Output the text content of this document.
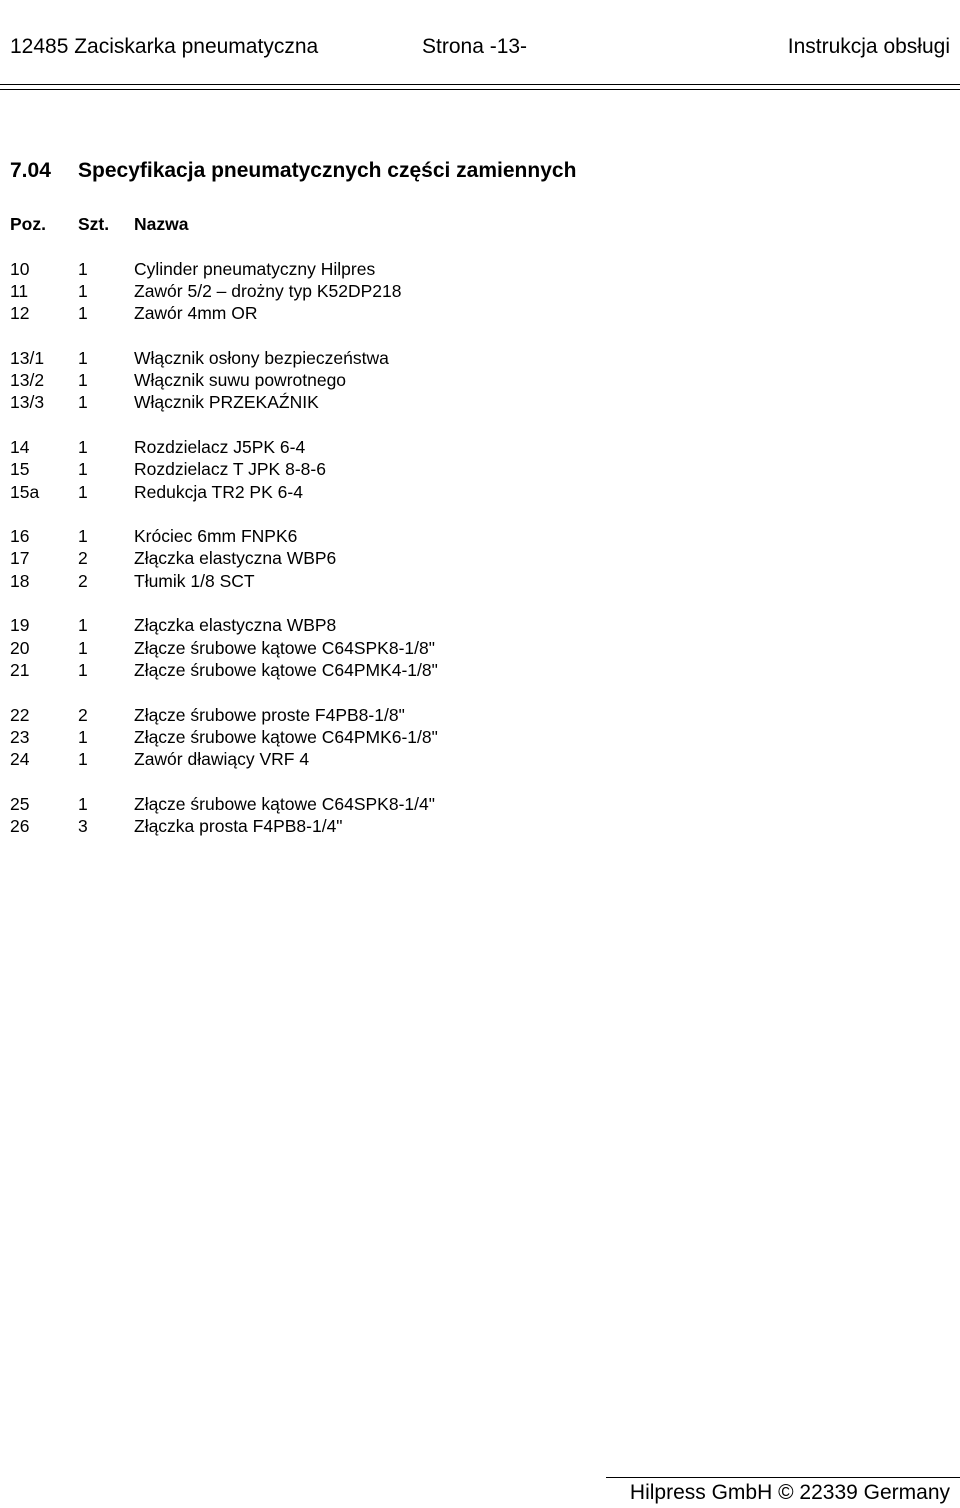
12485 Zaciskarka pneumatyczna	Strona -13-	Instrukcja obsługi
7.04 Specyfikacja pneumatycznych części zamiennych
Poz.	Szt.	Nazwa
10	1	Cylinder pneumatyczny Hilpres
11	1	Zawór 5/2 – drożny typ K52DP218
12	1	Zawór 4mm OR
13/1	1	Włącznik osłony bezpieczeństwa
13/2	1	Włącznik suwu powrotnego
13/3	1	Włącznik PRZEKAŹNIK
14	1	Rozdzielacz J5PK 6-4
15	1	Rozdzielacz T JPK 8-8-6
15a	1	Redukcja TR2 PK 6-4
16	1	Króciec 6mm FNPK6
17	2	Złączka elastyczna WBP6
18	2	Tłumik 1/8 SCT
19	1	Złączka elastyczna WBP8
20	1	Złącze śrubowe kątowe C64SPK8-1/8"
21	1	Złącze śrubowe kątowe C64PMK4-1/8"
22	2	Złącze śrubowe proste F4PB8-1/8"
23	1	Złącze śrubowe kątowe C64PMK6-1/8"
24	1	Zawór dławiący VRF 4
25	1	Złącze śrubowe kątowe C64SPK8-1/4"
26	3	Złączka prosta F4PB8-1/4"
Hilpress GmbH © 22339 Germany
